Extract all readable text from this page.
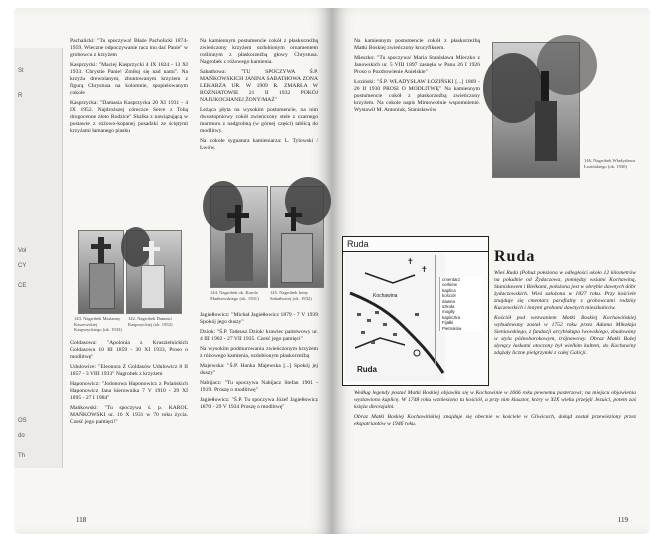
St
R
Vol
CY
CE
OS
do
Th

Pachalicki: "Tu spoczywa! Błaże Pacholicki 1874-1959. Wieczne odpoczywanie racz mu dać Panie" w grobowcu z krzyżem

Kasprzycki: "Maciej Kasprzycki 4 IX 1824 - 13 XI 1933. Chrystie Panie! Zmiłuj się nad nami". Na krzyżu drewnianym, zbuntowanym krzyżem z figurą Chrystusa na kolumnie, spopielowanym cokole

Kasprzycka: "Damasia Kasprzycka 20 XI 1931 - 4 IX 1952. Najdroższej córeczce Serce z Tobą drogocenne złoto Rodzice" Skalka z nawiązującą w postawie z różowo-kopanej posadzki ze ściętymi krzyżami łamanego piasku

143. Nagrobek Marianny Kaszewskiej Kasprzyckiego (ok. 1933)
142. Nagrobek Damasii Kasprzyckiej (ok. 1952)

Goldasowa: "Apolonia z Kruszielnickich Goldasowa 10 III 1859 - 30 XI 1933, Proso o modlitwę"

Udulowice: "Eleonora Z Goldasów Udulowicz 8 II 1857 - 3 VIII 1933" Nagrobek z krzyżem

Haponowicz: "Jodonowa Haponowicz z Polańskich Haponowicz Jana kierownika 7 V 1910 - 29 XI 1895 - 27 I 1984"

Mańkowski: "Tu spoczywa ś. p. KAROL MAŃKOWSKI ur. 16 X 1931 w 70 roku życia. Cześć jego pamięci!"

Na kamiennym postumencie cokół z płaskorzeźbą zwieńczony krzyżem ozdobionym ornamentem roślinnym z płaskorzeźbą głowy Chrystusa. Nagrobek z różowego kamienia.

Sabathowa: "TU SPOCZYWA Ś.P. MAŃKOWSKICH JANINA SABATHOWA ZONA LEKARZA UR. W 1909 R. ZMARŁA W ROŻNIATOWIE 21 II 1932 POKÓJ NAJUKOCHANEJ ŻONY/MAŻ"

Leżąca płyta na wysokim postumencie, na nim dwustopniowy cokół zwieńczony stele z czarnego marmuru z nadgrobną (w górnej części) tablicą do modlitwy.

Na cokole sygnatura kamieniarza: L. Tylowski / Lwów.

144. Nagrobek ok. Karola Mańkowskiego (ok. 1931)
145. Nagrobek Ireny Sabathowej (ok. 1932)

Jagiełłowicz: "Michał Jagiełłowicz 1879 - 7 V 1939 Spokój jego duszy"

Dziok: "Ś.P. Tadeusz Dziok/ krawiec państwowy ur. 4 III 1902 - 27 VII 1935. Cześć jego pamięci"

Na wysokim podmurowaniu zwieńczonym krzyżem z różowego kamienia, ozdobionym płaskorzeźbą

Majewska: "Ś.P. Hanka Majewska [...] Spokój jej duszy"

Nabijacz: "Tu spoczywa Nabijacz Stefan 1901 - 1919. Proszę o modlitwę"

Jagiełłowicz: "Ś.P. Tu spoczywa Józef Jagiełłowicz 1870 - 29 V 1934 Proszę o modlitwę"

118

Na kamiennym postumencie cokół z płaskorzeźbą Matki Boskiej zwieńczony krucyfiksem.

Mieszko: "Tu spoczywa/ Maria Stanisława Mleczko z Janowskich ur. 5 VIII 1897 zasnęła w Panu 26 I 1926 Proso o Pozdrowienie Anielskie"

Łoziński: "Ś.P. WŁADYSŁAW ŁOZIŃSKI [...] 1869 - 26 II 1930 PROSI O MODLITWĘ" Na kamiennym postumencie cokół z płaskorzeźbą zwieńczony krzyżem. Na cokole napis Mimowolnie wspomnienie. Wystawił M. Antoniuk, Stanisławów

146. Nagrobek Władysława Łozińskiego (ok. 1930)
Ruda
Ruda
Kochawina
Ruda
cmentarz
cerkiew
kaplica
kościół
dawna
szkoła
mogiły
kapliczka
Fijałki
Pietruków
✝
✝	Wieś Ruda (Pobuż położona w odległości około 12 kilometrów na południe od Żydaczowa, pomiędzy wsiami Kochawiną, Stanisławem i Bielkami, położona jest w obrębie dawnych dóbr żydaczowskich. Wieś założona w 1827 roku. Przy kościele znajduje się cmentarz parafialny z grobowcami rodziny Kuczewskich i innymi grobami dawnych mieszkańców.

Kościół pod wezwaniem Matki Boskiej Kochawińskiej wybudowany został w 1752 roku przez Adama Mikołaja Sieniawskiego, z fundacji arcybiskupa lwowskiego, zbudowany w stylu późnobarokowym, trójnawowy. Obraz Matki Bożej słynący łaskami otoczony był wielkim kultem, do Kochawiny zdążały liczne pielgrzymki z całej Galicji.

Według legendy postać Matki Boskiej objawiła się w Kochawinie w 1666 roku pewnemu pasterzowi; na miejscu objawienia wystawiono kaplicę. W 1748 roku wzniesiono tu kościół, a przy nim klasztor, który w XIX wieku przejęli Jezuici, potem zaś księża diecezjalni.

Obraz Matki Boskiej Kochawińskiej znajduje się obecnie w kościele w Gliwicach, dokąd został przewieziony przez ekspatriantów w 1946 roku.

119
